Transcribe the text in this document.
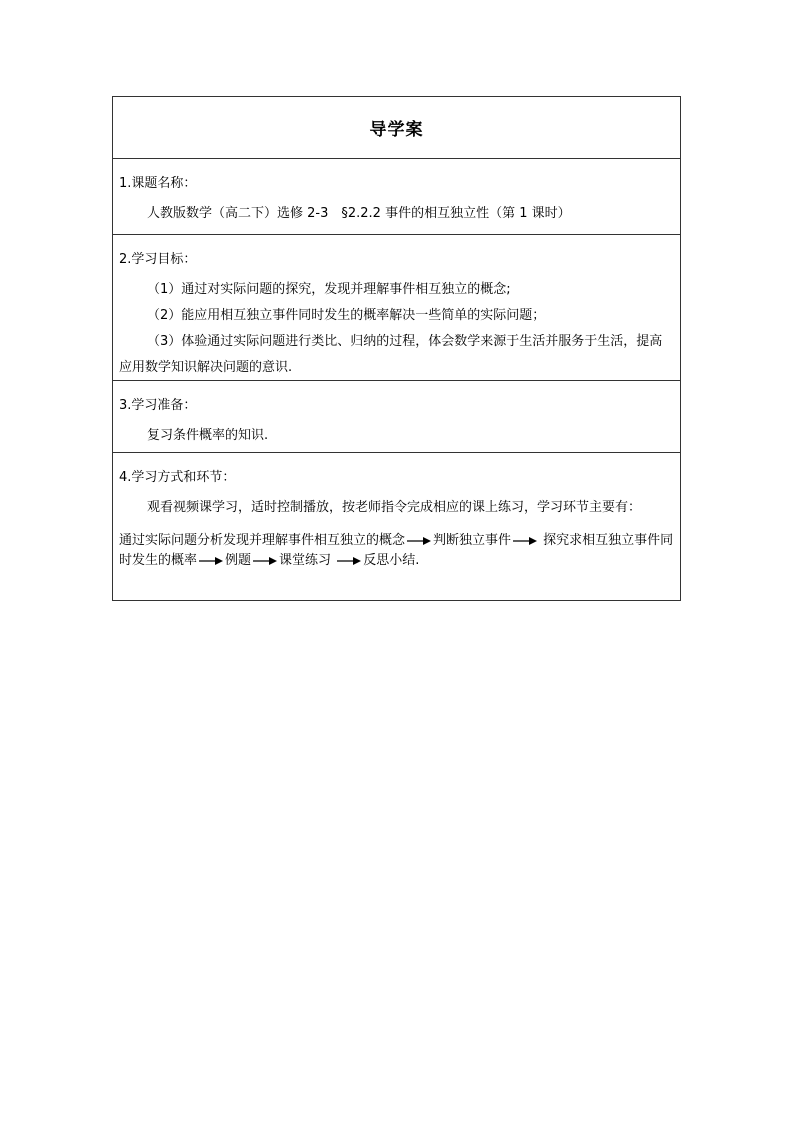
导学案
1.课题名称：
人教版数学（高二下）选修 2-3　§2.2.2 事件的相互独立性（第 1 课时）
2.学习目标：
（1）通过对实际问题的探究，发现并理解事件相互独立的概念;
（2）能应用相互独立事件同时发生的概率解决一些简单的实际问题；
（3）体验通过实际问题进行类比、归纳的过程，体会数学来源于生活并服务于生活，提高应用数学知识解决问题的意识.
3.学习准备：
复习条件概率的知识.
4.学习方式和环节：
观看视频课学习，适时控制播放，按老师指令完成相应的课上练习，学习环节主要有：
通过实际问题分析发现并理解事件相互独立的概念 判断独立事件 探究求相互独立事件同时发生的概率 例题 课堂练习 反思小结.
